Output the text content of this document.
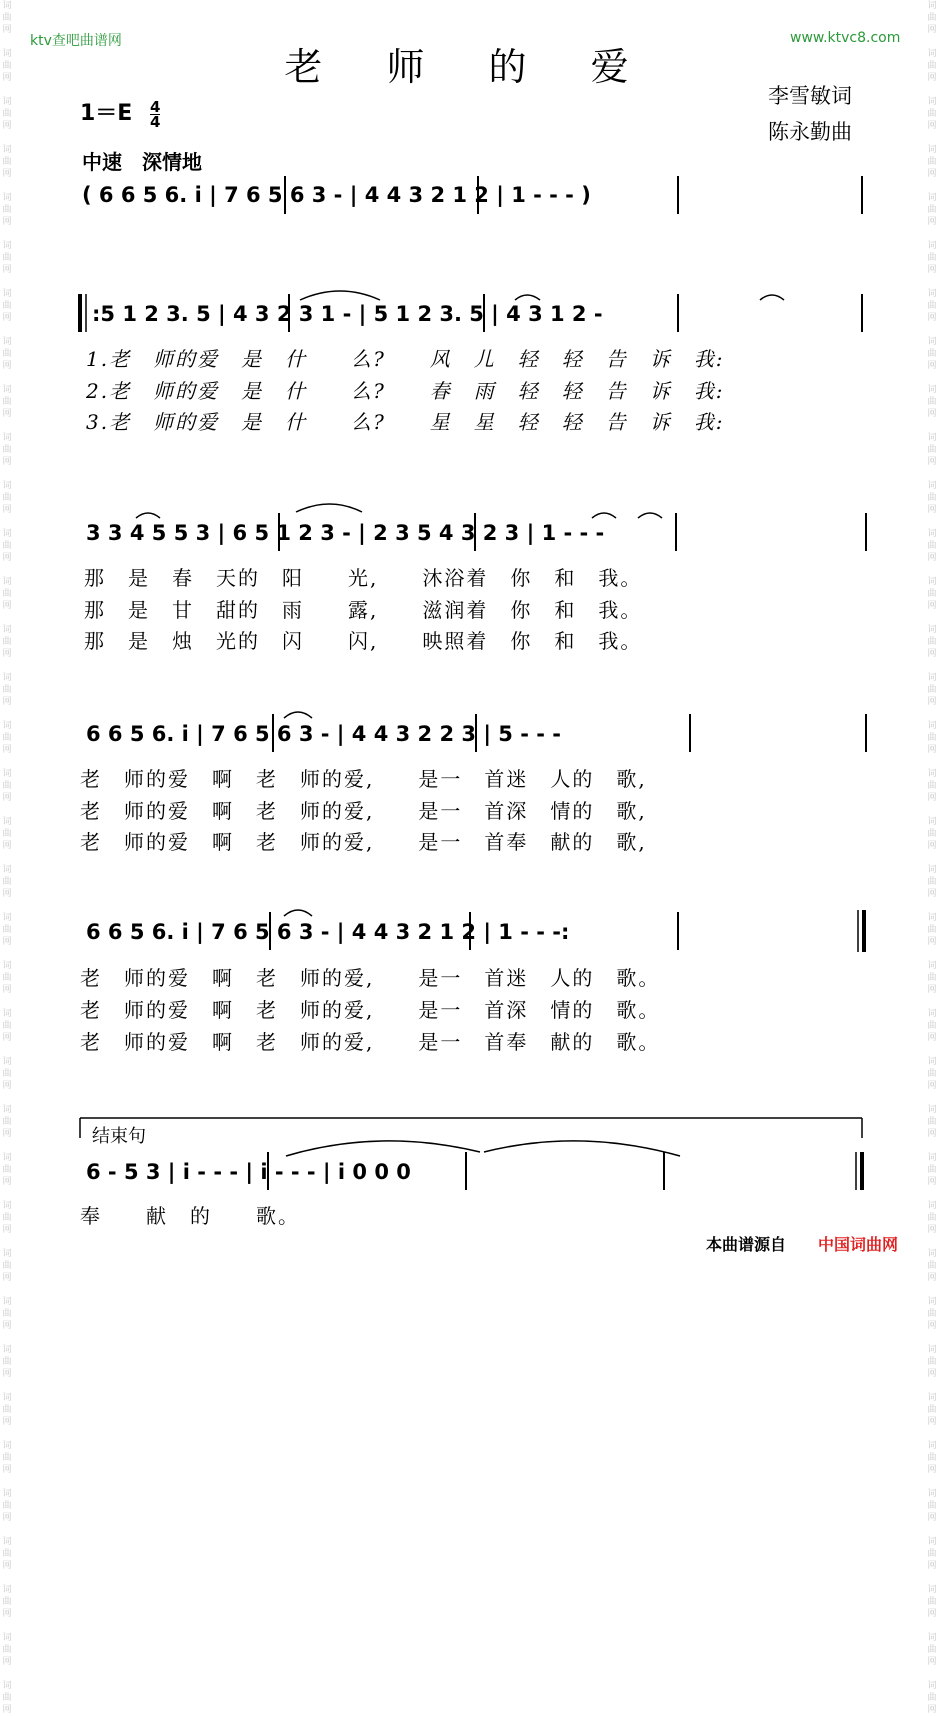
词
曲
网

词
曲
网

词
曲
网

词
曲
网

词
曲
网

词
曲
网

词
曲
网

词
曲
网

词
曲
网

词
曲
网

词
曲
网

词
曲
网

词
曲
网

词
曲
网

词
曲
网

词
曲
网

词
曲
网

词
曲
网

词
曲
网

词
曲
网

词
曲
网

词
曲
网

词
曲
网

词
曲
网

词
曲
网

词
曲
网

词
曲
网

词
曲
网

词
曲
网

词
曲
网

词
曲
网

词
曲
网

词
曲
网

词
曲
网

词
曲
网

词
曲
网

词
曲
网

词
曲
网

词
曲
网

词
曲
网

词
曲
网

词
曲
网

词
曲
网

词
曲
网

词
曲
网

词
曲
网

词
曲
网

词
曲
网

词
曲
网

词
曲
网

词
曲
网

词
曲
网

词
曲
网

词
曲
网

词
曲
网

词
曲
网

词
曲
网

词
曲
网

词
曲
网

词
曲
网

词
曲
网

词
曲
网

词
曲
网

词
曲
网

词
曲
网

词
曲
网

词
曲
网

词
曲
网

词
曲
网

词
曲
网

词
曲
网

词
曲
网

ktv查吧曲谱网	www.ktvc8.com
老 师 的 爱
李雪敏词
陈永勤曲
$1=E \frac{4}{4}$
中速　深情地
( 6 6 5 6. i | 7 6 5 6 3 - | 4 4 3 2 1 2 | 1 - - - )
:5 1 2 3. 5 | 4 3 2 3 1 - | 5 1 2 3. 5 | 4 3 1 2 -
1.老　师的爱　是　什　　么?　　风　儿　轻　轻　告　诉　我:
2.老　师的爱　是　什　　么?　　春　雨　轻　轻　告　诉　我:
3.老　师的爱　是　什　　么?　　星　星　轻　轻　告　诉　我:
3 3 4 5 5 3 | 6 5 1 2 3 - | 2 3 5 4 3 2 3 | 1 - - -
那　是　春　天的　阳　　光,　　沐浴着　你　和　我。
那　是　甘　甜的　雨　　露,　　滋润着　你　和　我。
那　是　烛　光的　闪　　闪,　　映照着　你　和　我。
6 6 5 6. i | 7 6 5 6 3 - | 4 4 3 2 2 3 | 5 - - -
老　师的爱　啊　老　师的爱,　　是一　首迷　人的　歌,
老　师的爱　啊　老　师的爱,　　是一　首深　情的　歌,
老　师的爱　啊　老　师的爱,　　是一　首奉　献的　歌,
6 6 5 6. i | 7 6 5 6 3 - | 4 4 3 2 1 2 | 1 - - -:
老　师的爱　啊　老　师的爱,　　是一　首迷　人的　歌。
老　师的爱　啊　老　师的爱,　　是一　首深　情的　歌。
老　师的爱　啊　老　师的爱,　　是一　首奉　献的　歌。
结束句
6 - 5 3 | i - - - | i - - - | i 0 0 0
奉　　献　的　　歌。
本曲谱源自 中国词曲网
